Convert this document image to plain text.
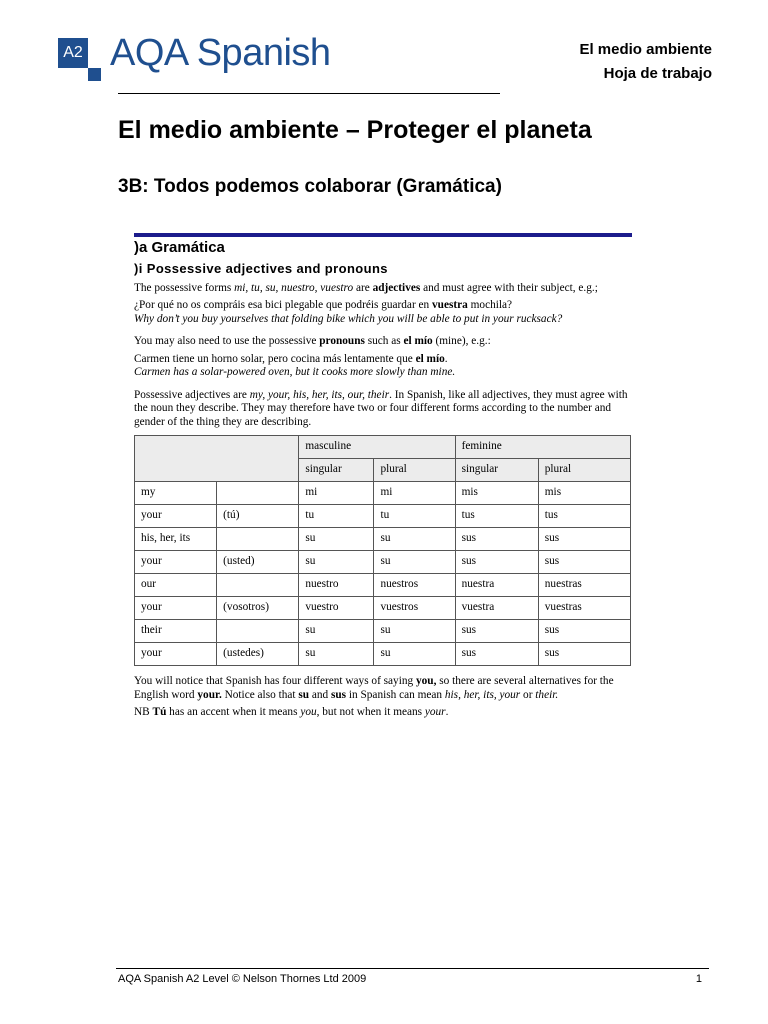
A2 AQA Spanish	El medio ambiente
Hoja de trabajo
El medio ambiente – Proteger el planeta
3B: Todos podemos colaborar (Gramática)
)a Gramática
)i Possessive adjectives and pronouns

The possessive forms mi, tu, su, nuestro, vuestro are adjectives and must agree with their subject, e.g.;

¿Por qué no os compráis esa bici plegable que podréis guardar en vuestra mochila?

Why don’t you buy yourselves that folding bike which you will be able to put in your rucksack?

You may also need to use the possessive pronouns such as el mío (mine), e.g.:

Carmen tiene un horno solar, pero cocina más lentamente que el mío.

Carmen has a solar-powered oven, but it cooks more slowly than mine.

Possessive adjectives are my, your, his, her, its, our, their. In Spanish, like all adjectives, they must agree with the noun they describe. They may therefore have two or four different forms according to the number and gender of the thing they are describing.

		masculine		feminine	
		singular	plural	singular	plural
my		mi	mi	mis	mis
your	(tú)	tu	tu	tus	tus
his, her, its		su	su	sus	sus
your	(usted)	su	su	sus	sus
our		nuestro	nuestros	nuestra	nuestras
your	(vosotros)	vuestro	vuestros	vuestra	vuestras
their		su	su	sus	sus
your	(ustedes)	su	su	sus	sus

You will notice that Spanish has four different ways of saying you, so there are several alternatives for the English word your. Notice also that su and sus in Spanish can mean his, her, its, your or their.

NB Tú has an accent when it means you, but not when it means your.

AQA Spanish A2 Level © Nelson Thornes Ltd 2009	1
